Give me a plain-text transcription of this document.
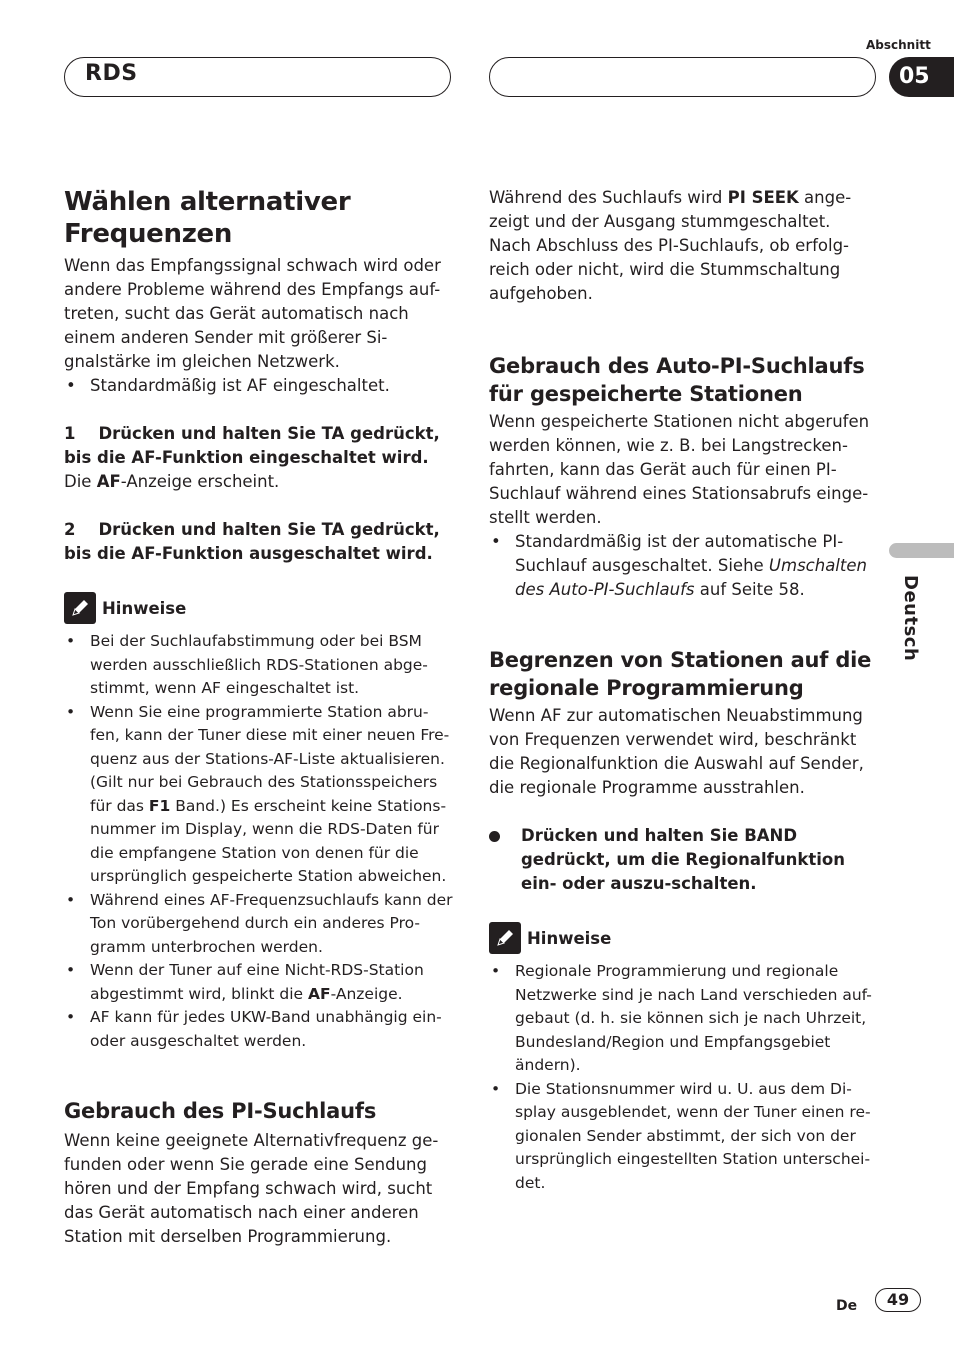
Abschnitt
RDS	05
Deutsch
Wählen alternativer Frequenzen

Wenn das Empfangssignal schwach wird oder andere Probleme während des Empfangs auf-treten, sucht das Gerät automatisch nach einem anderen Sender mit größerer Si-gnalstärke im gleichen Netzwerk.

• Standardmäßig ist AF eingeschaltet.

1 Drücken und halten Sie TA gedrückt, bis die AF-Funktion eingeschaltet wird.

Die AF-Anzeige erscheint.

2 Drücken und halten Sie TA gedrückt, bis die AF-Funktion ausgeschaltet wird.

Hinweise

• Bei der Suchlaufabstimmung oder bei BSM werden ausschließlich RDS-Stationen abge-stimmt, wenn AF eingeschaltet ist.

• Wenn Sie eine programmierte Station abru-fen, kann der Tuner diese mit einer neuen Fre-quenz aus der Stations-AF-Liste aktualisieren. (Gilt nur bei Gebrauch des Stationsspeichers für das F1 Band.) Es erscheint keine Stations-nummer im Display, wenn die RDS-Daten für die empfangene Station von denen für die ursprünglich gespeicherte Station abweichen.

• Während eines AF-Frequenzsuchlaufs kann der Ton vorübergehend durch ein anderes Pro-gramm unterbrochen werden.

• Wenn der Tuner auf eine Nicht-RDS-Station abgestimmt wird, blinkt die AF-Anzeige.

• AF kann für jedes UKW-Band unabhängig ein- oder ausgeschaltet werden.

Gebrauch des PI-Suchlaufs

Wenn keine geeignete Alternativfrequenz ge-funden oder wenn Sie gerade eine Sendung hören und der Empfang schwach wird, sucht das Gerät automatisch nach einer anderen Station mit derselben Programmierung.

Während des Suchlaufs wird PI SEEK ange-zeigt und der Ausgang stummgeschaltet. Nach Abschluss des PI-Suchlaufs, ob erfolg-reich oder nicht, wird die Stummschaltung aufgehoben.

Gebrauch des Auto-PI-Suchlaufs für gespeicherte Stationen

Wenn gespeicherte Stationen nicht abgerufen werden können, wie z. B. bei Langstrecken-fahrten, kann das Gerät auch für einen PI-Suchlauf während eines Stationsabrufs einge-stellt werden.

• Standardmäßig ist der automatische PI-Suchlauf ausgeschaltet. Siehe Umschalten des Auto-PI-Suchlaufs auf Seite 58.

Begrenzen von Stationen auf die regionale Programmierung

Wenn AF zur automatischen Neuabstimmung von Frequenzen verwendet wird, beschränkt die Regionalfunktion die Auswahl auf Sender, die regionale Programme ausstrahlen.

Drücken und halten Sie BAND gedrückt, um die Regionalfunktion ein- oder auszu-schalten.

Hinweise

• Regionale Programmierung und regionale Netzwerke sind je nach Land verschieden auf-gebaut (d. h. sie können sich je nach Uhrzeit, Bundesland/Region und Empfangsgebiet ändern).

• Die Stationsnummer wird u. U. aus dem Di-splay ausgeblendet, wenn der Tuner einen re-gionalen Sender abstimmt, der sich von der ursprünglich eingestellten Station unterschei-det.

De	49
